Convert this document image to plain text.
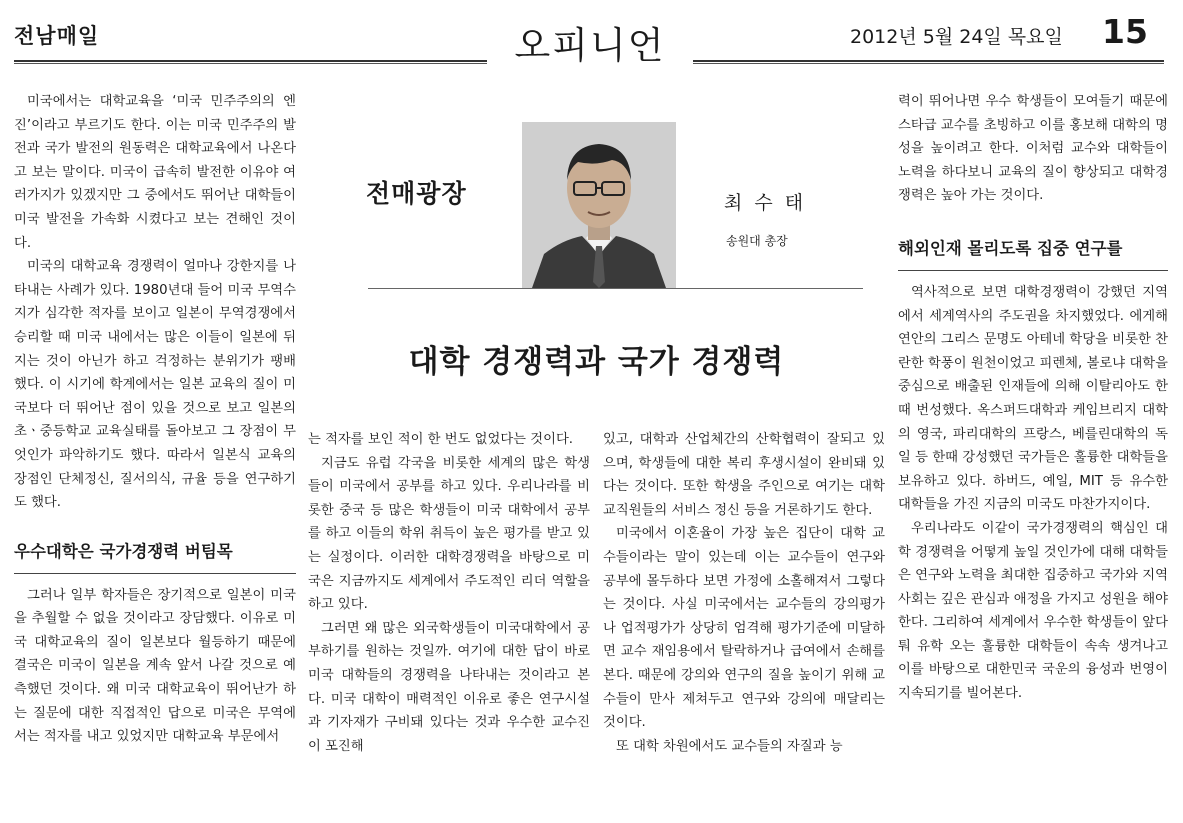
전남매일	2012년 5월 24일 목요일 15
오피니언

미국에서는 대학교육을 ‘미국 민주주의의 엔진’이라고 부르기도 한다. 이는 미국 민주주의 발전과 국가 발전의 원동력은 대학교육에서 나온다고 보는 말이다. 미국이 급속히 발전한 이유야 여러가지가 있겠지만 그 중에서도 뛰어난 대학들이 미국 발전을 가속화 시켰다고 보는 견해인 것이다.

미국의 대학교육 경쟁력이 얼마나 강한지를 나타내는 사례가 있다. 1980년대 들어 미국 무역수지가 심각한 적자를 보이고 일본이 무역경쟁에서 승리할 때 미국 내에서는 많은 이들이 일본에 뒤지는 것이 아닌가 하고 걱정하는 분위기가 팽배했다. 이 시기에 학계에서는 일본 교육의 질이 미국보다 더 뛰어난 점이 있을 것으로 보고 일본의 초ㆍ중등학교 교육실태를 돌아보고 그 장점이 무엇인가 파악하기도 했다. 따라서 일본식 교육의 장점인 단체정신, 질서의식, 규율 등을 연구하기도 했다.

우수대학은 국가경쟁력 버팀목

그러나 일부 학자들은 장기적으로 일본이 미국을 추월할 수 없을 것이라고 장담했다. 이유로 미국 대학교육의 질이 일본보다 월등하기 때문에 결국은 미국이 일본을 계속 앞서 나갈 것으로 예측했던 것이다. 왜 미국 대학교육이 뛰어난가 하는 질문에 대한 직접적인 답으로 미국은 무역에서는 적자를 내고 있었지만 대학교육 부문에서

전매광장	최 수 태
송원대 총장
대학 경쟁력과 국가 경쟁력

는 적자를 보인 적이 한 번도 없었다는 것이다.

지금도 유럽 각국을 비롯한 세계의 많은 학생들이 미국에서 공부를 하고 있다. 우리나라를 비롯한 중국 등 많은 학생들이 미국 대학에서 공부를 하고 이들의 학위 취득이 높은 평가를 받고 있는 실정이다. 이러한 대학경쟁력을 바탕으로 미국은 지금까지도 세계에서 주도적인 리더 역할을 하고 있다.

그러면 왜 많은 외국학생들이 미국대학에서 공부하기를 원하는 것일까. 여기에 대한 답이 바로 미국 대학들의 경쟁력을 나타내는 것이라고 본다. 미국 대학이 매력적인 이유로 좋은 연구시설과 기자재가 구비돼 있다는 것과 우수한 교수진이 포진해

있고, 대학과 산업체간의 산학협력이 잘되고 있으며, 학생들에 대한 복리 후생시설이 완비돼 있다는 것이다. 또한 학생을 주인으로 여기는 대학 교직원들의 서비스 정신 등을 거론하기도 한다.

미국에서 이혼율이 가장 높은 집단이 대학 교수들이라는 말이 있는데 이는 교수들이 연구와 공부에 몰두하다 보면 가정에 소홀해져서 그렇다는 것이다. 사실 미국에서는 교수들의 강의평가나 업적평가가 상당히 엄격해 평가기준에 미달하면 교수 재임용에서 탈락하거나 급여에서 손해를 본다. 때문에 강의와 연구의 질을 높이기 위해 교수들이 만사 제쳐두고 연구와 강의에 매달리는 것이다.

또 대학 차원에서도 교수들의 자질과 능

력이 뛰어나면 우수 학생들이 모여들기 때문에 스타급 교수를 초빙하고 이를 홍보해 대학의 명성을 높이려고 한다. 이처럼 교수와 대학들이 노력을 하다보니 교육의 질이 향상되고 대학경쟁력은 높아 가는 것이다.

해외인재 몰리도록 집중 연구를

역사적으로 보면 대학경쟁력이 강했던 지역에서 세계역사의 주도권을 차지했었다. 에게해 연안의 그리스 문명도 아테네 학당을 비롯한 찬란한 학풍이 원천이었고 피렌체, 볼로냐 대학을 중심으로 배출된 인재들에 의해 이탈리아도 한 때 번성했다. 옥스퍼드대학과 케임브리지 대학의 영국, 파리대학의 프랑스, 베를린대학의 독일 등 한때 강성했던 국가들은 훌륭한 대학들을 보유하고 있다. 하버드, 예일, MIT 등 유수한 대학들을 가진 지금의 미국도 마찬가지이다.

우리나라도 이같이 국가경쟁력의 핵심인 대학 경쟁력을 어떻게 높일 것인가에 대해 대학들은 연구와 노력을 최대한 집중하고 국가와 지역사회는 깊은 관심과 애정을 가지고 성원을 해야 한다. 그리하여 세계에서 우수한 학생들이 앞다퉈 유학 오는 훌륭한 대학들이 속속 생겨나고 이를 바탕으로 대한민국 국운의 융성과 번영이 지속되기를 빌어본다.
